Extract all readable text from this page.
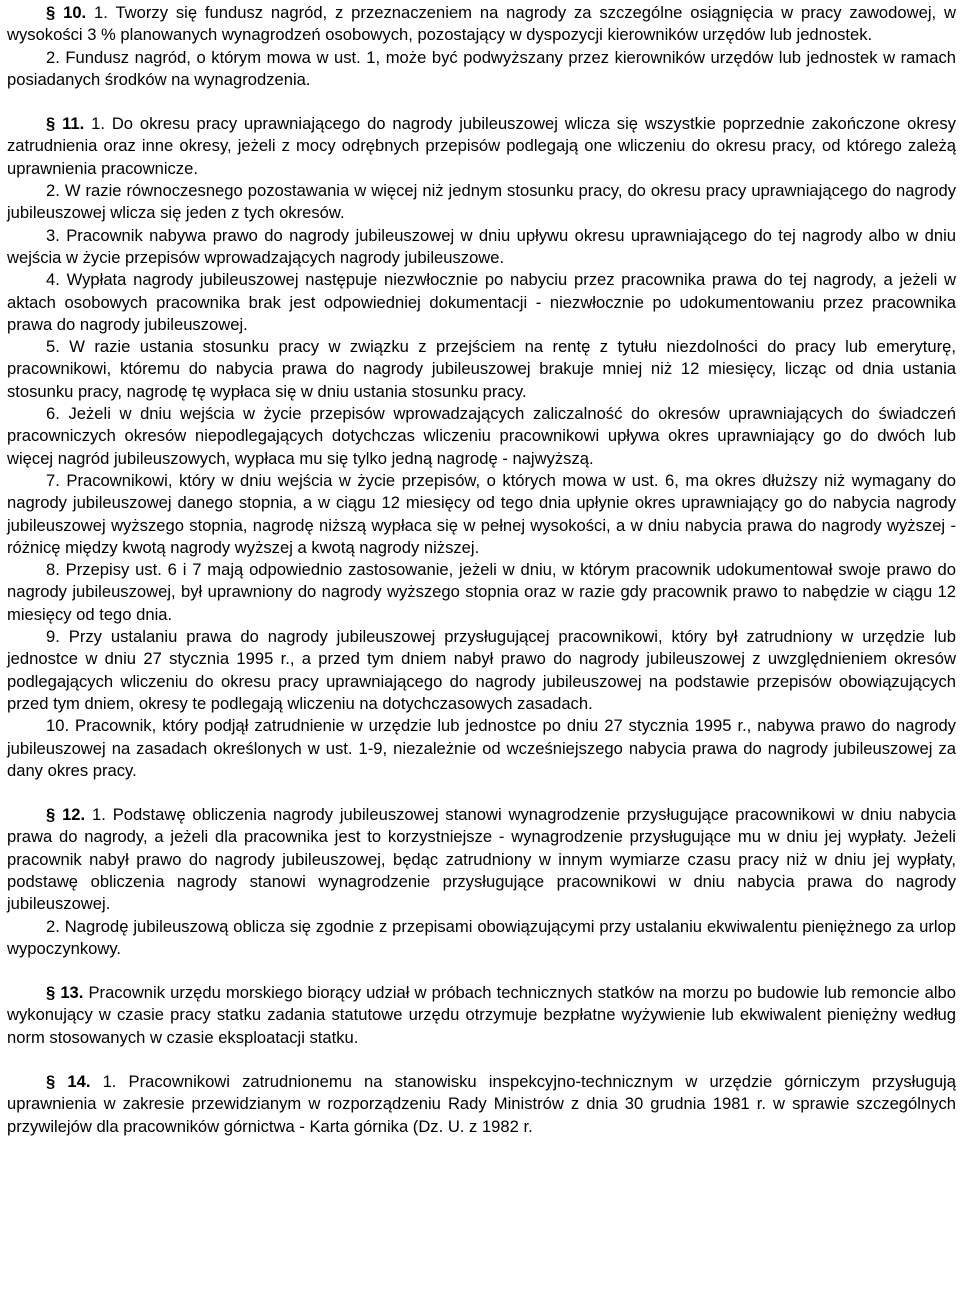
§ 10. 1. Tworzy się fundusz nagród, z przeznaczeniem na nagrody za szczególne osiągnięcia w pracy zawodowej, w wysokości 3 % planowanych wynagrodzeń osobowych, pozostający w dyspozycji kierowników urzędów lub jednostek.

2. Fundusz nagród, o którym mowa w ust. 1, może być podwyższany przez kierowników urzędów lub jednostek w ramach posiadanych środków na wynagrodzenia.

§ 11. 1. Do okresu pracy uprawniającego do nagrody jubileuszowej wlicza się wszystkie poprzednie zakończone okresy zatrudnienia oraz inne okresy, jeżeli z mocy odrębnych przepisów podlegają one wliczeniu do okresu pracy, od którego zależą uprawnienia pracownicze.

2. W razie równoczesnego pozostawania w więcej niż jednym stosunku pracy, do okresu pracy uprawniającego do nagrody jubileuszowej wlicza się jeden z tych okresów.

3. Pracownik nabywa prawo do nagrody jubileuszowej w dniu upływu okresu uprawniającego do tej nagrody albo w dniu wejścia w życie przepisów wprowadzających nagrody jubileuszowe.

4. Wypłata nagrody jubileuszowej następuje niezwłocznie po nabyciu przez pracownika prawa do tej nagrody, a jeżeli w aktach osobowych pracownika brak jest odpowiedniej dokumentacji - niezwłocznie po udokumentowaniu przez pracownika prawa do nagrody jubileuszowej.

5. W razie ustania stosunku pracy w związku z przejściem na rentę z tytułu niezdolności do pracy lub emeryturę, pracownikowi, któremu do nabycia prawa do nagrody jubileuszowej brakuje mniej niż 12 miesięcy, licząc od dnia ustania stosunku pracy, nagrodę tę wypłaca się w dniu ustania stosunku pracy.

6. Jeżeli w dniu wejścia w życie przepisów wprowadzających zaliczalność do okresów uprawniających do świadczeń pracowniczych okresów niepodlegających dotychczas wliczeniu pracownikowi upływa okres uprawniający go do dwóch lub więcej nagród jubileuszowych, wypłaca mu się tylko jedną nagrodę - najwyższą.

7. Pracownikowi, który w dniu wejścia w życie przepisów, o których mowa w ust. 6, ma okres dłuższy niż wymagany do nagrody jubileuszowej danego stopnia, a w ciągu 12 miesięcy od tego dnia upłynie okres uprawniający go do nabycia nagrody jubileuszowej wyższego stopnia, nagrodę niższą wypłaca się w pełnej wysokości, a w dniu nabycia prawa do nagrody wyższej - różnicę między kwotą nagrody wyższej a kwotą nagrody niższej.

8. Przepisy ust. 6 i 7 mają odpowiednio zastosowanie, jeżeli w dniu, w którym pracownik udokumentował swoje prawo do nagrody jubileuszowej, był uprawniony do nagrody wyższego stopnia oraz w razie gdy pracownik prawo to nabędzie w ciągu 12 miesięcy od tego dnia.

9. Przy ustalaniu prawa do nagrody jubileuszowej przysługującej pracownikowi, który był zatrudniony w urzędzie lub jednostce w dniu 27 stycznia 1995 r., a przed tym dniem nabył prawo do nagrody jubileuszowej z uwzględnieniem okresów podlegających wliczeniu do okresu pracy uprawniającego do nagrody jubileuszowej na podstawie przepisów obowiązujących przed tym dniem, okresy te podlegają wliczeniu na dotychczasowych zasadach.

10. Pracownik, który podjął zatrudnienie w urzędzie lub jednostce po dniu 27 stycznia 1995 r., nabywa prawo do nagrody jubileuszowej na zasadach określonych w ust. 1-9, niezależnie od wcześniejszego nabycia prawa do nagrody jubileuszowej za dany okres pracy.

§ 12. 1. Podstawę obliczenia nagrody jubileuszowej stanowi wynagrodzenie przysługujące pracownikowi w dniu nabycia prawa do nagrody, a jeżeli dla pracownika jest to korzystniejsze - wynagrodzenie przysługujące mu w dniu jej wypłaty. Jeżeli pracownik nabył prawo do nagrody jubileuszowej, będąc zatrudniony w innym wymiarze czasu pracy niż w dniu jej wypłaty, podstawę obliczenia nagrody stanowi wynagrodzenie przysługujące pracownikowi w dniu nabycia prawa do nagrody jubileuszowej.

2. Nagrodę jubileuszową oblicza się zgodnie z przepisami obowiązującymi przy ustalaniu ekwiwalentu pieniężnego za urlop wypoczynkowy.

§ 13. Pracownik urzędu morskiego biorący udział w próbach technicznych statków na morzu po budowie lub remoncie albo wykonujący w czasie pracy statku zadania statutowe urzędu otrzymuje bezpłatne wyżywienie lub ekwiwalent pieniężny według norm stosowanych w czasie eksploatacji statku.

§ 14. 1. Pracownikowi zatrudnionemu na stanowisku inspekcyjno-technicznym w urzędzie górniczym przysługują uprawnienia w zakresie przewidzianym w rozporządzeniu Rady Ministrów z dnia 30 grudnia 1981 r. w sprawie szczególnych przywilejów dla pracowników górnictwa - Karta górnika (Dz. U. z 1982 r.
